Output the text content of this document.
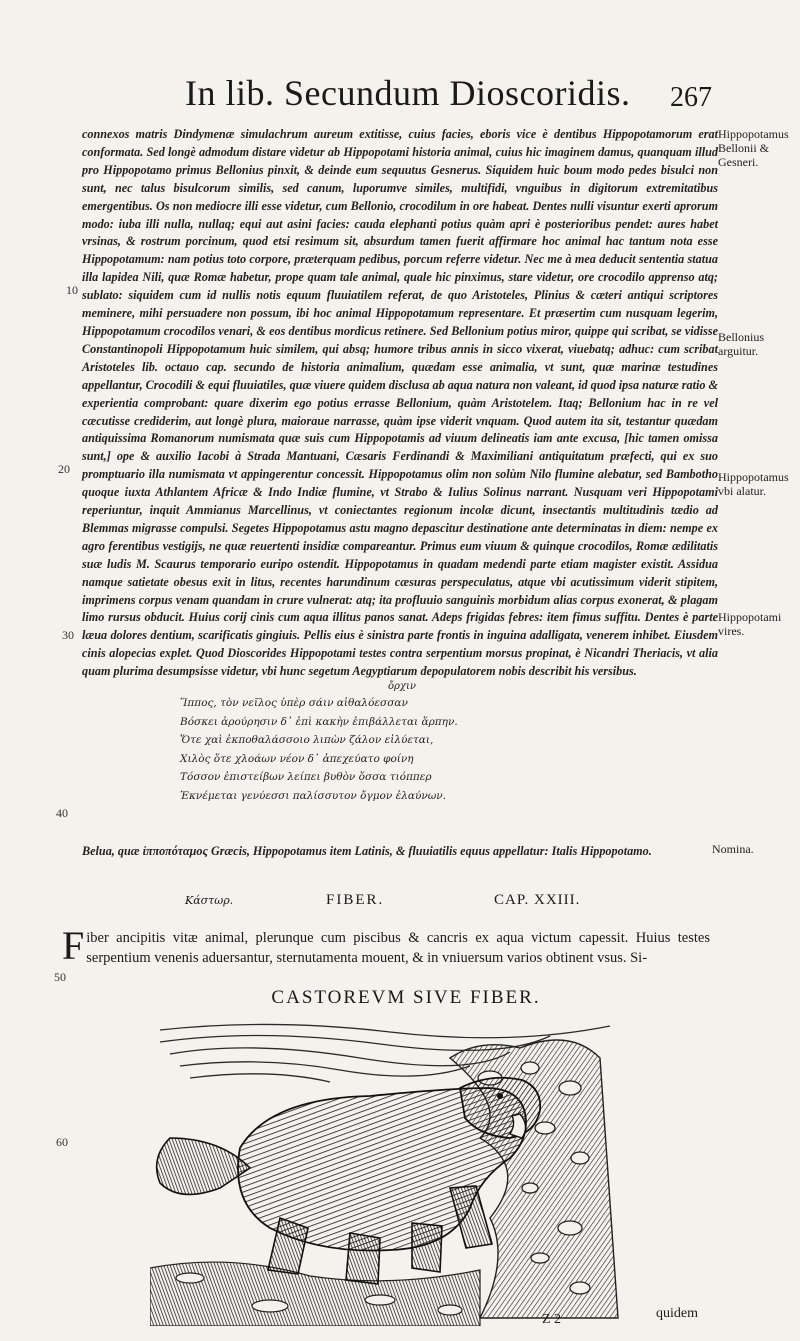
In lib. Secundum Dioscoridis. 267

connexos matris Dindymenæ simulachrum aureum extitisse, cuius facies, eboris vice è dentibus Hippopotamorum erat conformata. Sed longè admodum distare videtur ab Hippopotami historia animal, cuius hic imaginem damus, quanquam illud pro Hippopotamo primus Bellonius pinxit, & deinde eum sequutus Gesnerus. Siquidem huic boum modo pedes bisulci non sunt, nec talus bisulcorum similis, sed canum, luporumve similes, multifidi, vnguibus in digitorum extremitatibus emergentibus. Os non mediocre illi esse videtur, cum Bellonio, crocodilum in ore habeat. Dentes nulli visuntur exerti aprorum modo: iuba illi nulla, nullaq; equi aut asini facies: cauda elephanti potius quàm apri è posterioribus pendet: aures habet vrsinas, & rostrum porcinum, quod etsi resimum sit, absurdum tamen fuerit affirmare hoc animal hac tantum nota esse Hippopotamum: nam potius toto corpore, præterquam pedibus, porcum referre videtur. Nec me à mea deducit sententia statua illa lapidea Nili, quæ Romæ habetur, prope quam tale animal, quale hic pinximus, stare videtur, ore crocodilo apprenso atq; sublato: siquidem cum id nullis notis equum fluuiatilem referat, de quo Aristoteles, Plinius & cæteri antiqui scriptores meminere, mihi persuadere non possum, ibi hoc animal Hippopotamum representare. Et præsertim cum nusquam legerim, Hippopotamum crocodilos venari, & eos dentibus mordicus retinere. Sed Bellonium potius miror, quippe qui scribat, se vidisse Constantinopoli Hippopotamum huic similem, qui absq; humore tribus annis in sicco vixerat, viuebatq; adhuc: cum scribat Aristoteles lib. octauo cap. secundo de historia animalium, quædam esse animalia, vt sunt, quæ marinæ testudines appellantur, Crocodili & equi fluuiatiles, quæ viuere quidem disclusa ab aqua natura non valeant, id quod ipsa naturæ ratio & experientia comprobant: quare dixerim ego potius errasse Bellonium, quàm Aristotelem. Itaq; Bellonium hac in re vel cæcutisse crediderim, aut longè plura, maioraue narrasse, quàm ipse viderit vnquam. Quod autem ita sit, testantur quædam antiquissima Romanorum numismata quæ suis cum Hippopotamis ad viuum delineatis iam ante excusa, [hic tamen omissa sunt,] ope & auxilio Iacobi à Strada Mantuani, Cæsaris Ferdinandi & Maximiliani antiquitatum præfecti, qui ex suo promptuario illa numismata vt appingerentur concessit. Hippopotamus olim non solùm Nilo flumine alebatur, sed Bambotho quoque iuxta Athlantem Africæ & Indo Indiæ flumine, vt Strabo & Iulius Solinus narrant. Nusquam veri Hippopotami reperiuntur, inquit Ammianus Marcellinus, vt coniectantes regionum incolæ dicunt, insectantis multitudinis tædio ad Blemmas migrasse compulsi. Segetes Hippopotamus astu magno depascitur destinatione ante determinatas in diem: nempe ex agro ferentibus vestigijs, ne quæ reuertenti insidiæ compareantur. Primus eum viuum & quinque crocodilos, Romæ ædilitatis suæ ludis M. Scaurus temporario euripo ostendit. Hippopotamus in quadam medendi parte etiam magister existit. Assidua namque satietate obesus exit in litus, recentes harundinum cæsuras perspeculatus, atque vbi acutissimum viderit stipitem, imprimens corpus venam quandam in crure vulnerat: atq; ita profluuio sanguinis morbidum alias corpus exonerat, & plagam limo rursus obducit. Huius corij cinis cum aqua illitus panos sanat. Adeps frigidas febres: item fimus suffitu. Dentes è parte læua dolores dentium, scarificatis gingiuis. Pellis eius è sinistra parte frontis in inguina adalligata, venerem inhibet. Eiusdem cinis alopecias explet. Quod Dioscorides Hippopotami testes contra serpentium morsus propinat, è Nicandri Theriacis, vt alia quam plurima desumpsisse videtur, vbi hunc segetum Aegyptiarum depopulatorem nobis describit his versibus.

10
20
30
40
50
60
Hippopotamus Bellonii & Gesneri.
Bellonius arguitur.
Hippopotamus vbi alatur.
Hippopotami vires.
Nomina.
ὄρχιν
Ἵππος, τὸν νεῖλος ὑπὲρ σάιν αἰθαλόεσσαν
Βόσκει ἀρούρησιν δ᾽ ἐπὶ κακὴν ἐπιβάλλεται ἅρπην.
Ὅτε χαὶ ἐκποθαλάσσοιο λιπὼν ζάλον εἰλύεται,
Χιλὸς ὅτε χλοάων νέον δ᾽ ἀπεχεύατο φοίνη
Τόσσον ἐπιστείβων λείπει βυθὸν ὅσσα τιόππερ
Ἐκνέμεται γενύεσσι παλίσσυτον ὄγμον ἐλαύνων.
Belua, quæ ἱπποπόταμος Græcis, Hippopotamus item Latinis, & fluuiatilis equus appellatur: Italis Hippopotamo.
Κάστωρ.	FIBER.	CAP. XXIII.
Fiber ancipitis vitæ animal, plerunque cum piscibus & cancris ex aqua victum capessit. Huius testes serpentium venenis aduersantur, sternutamenta mouent, & in vniuersum varios obtinent vsus. Si-
CASTOREVM SIVE FIBER.
Z 2	quidem
